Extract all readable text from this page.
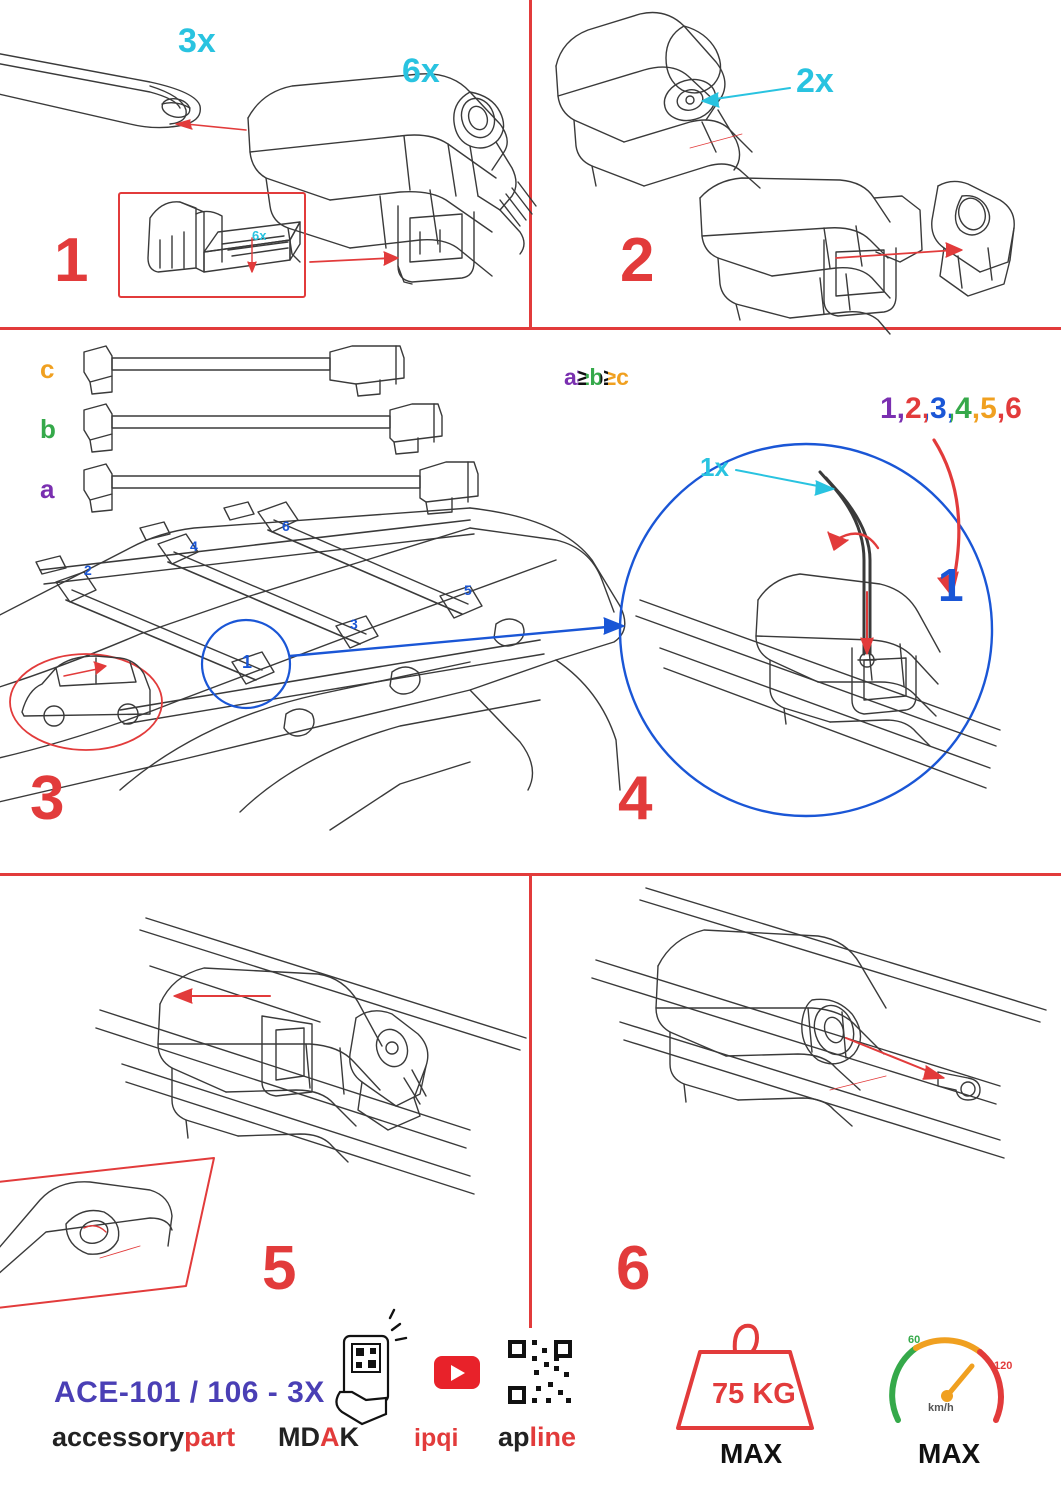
1	2
3	4
5	6
3x
6x	2x
6x
1x
c
b
a
a≥b≥c
1,2,3,4,5,6
1
1
2
3
4
5
6
ACE-101 / 106 - 3X
accessorypart MDAK ipqi apline
75 KG
MAX	MAX
km/h
60
120
